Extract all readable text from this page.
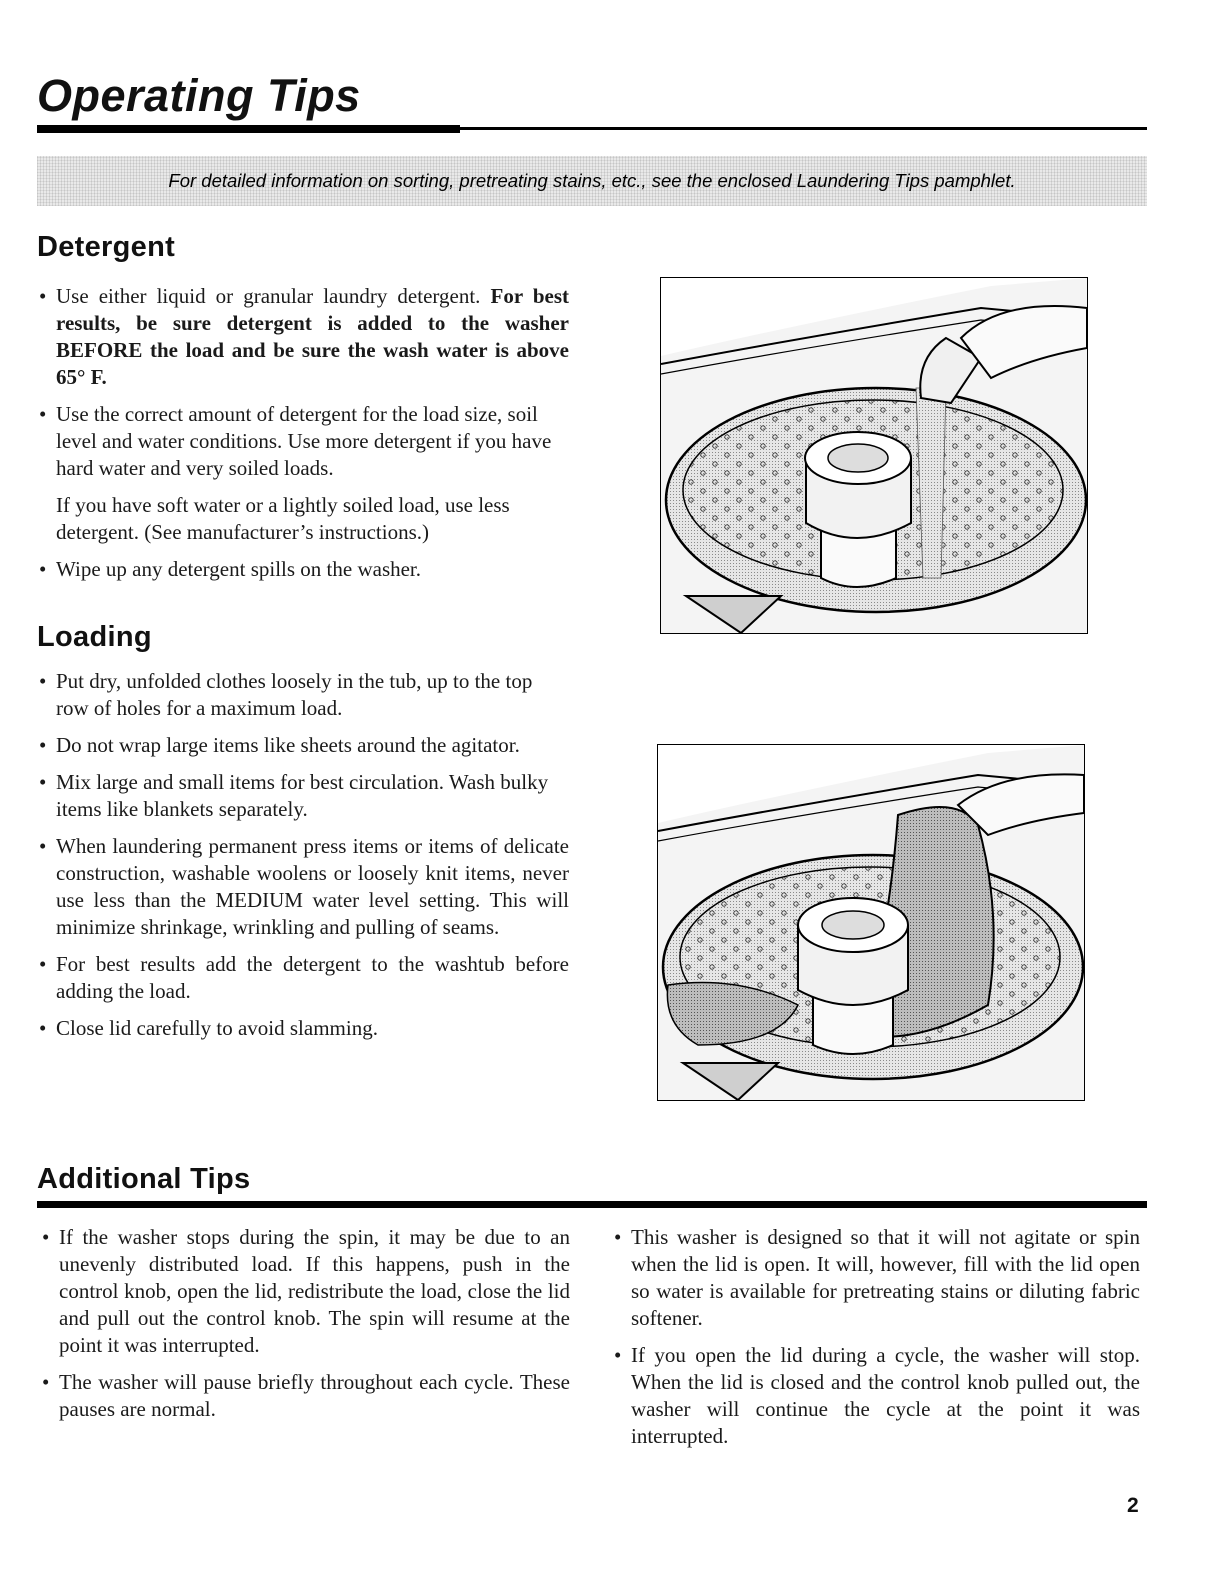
Operating Tips
For detailed information on sorting, pretreating stains, etc., see the enclosed Laundering Tips pamphlet.
Detergent
• Use either liquid or granular laundry detergent. For best results, be sure detergent is added to the washer BEFORE the load and be sure the wash water is above 65° F.
• Use the correct amount of detergent for the load size, soil level and water conditions. Use more detergent if you have hard water and very soiled loads.
If you have soft water or a lightly soiled load, use less detergent. (See manufacturer’s instructions.)
• Wipe up any detergent spills on the washer.
Loading
• Put dry, unfolded clothes loosely in the tub, up to the top row of holes for a maximum load.
• Do not wrap large items like sheets around the agitator.
• Mix large and small items for best circulation. Wash bulky items like blankets separately.
• When laundering permanent press items or items of delicate construction, washable woolens or loosely knit items, never use less than the MEDIUM water level setting. This will minimize shrinkage, wrinkling and pulling of seams.
• For best results add the detergent to the washtub before adding the load.
• Close lid carefully to avoid slamming.
Additional Tips
• If the washer stops during the spin, it may be due to an unevenly distributed load. If this happens, push in the control knob, open the lid, redistribute the load, close the lid and pull out the control knob. The spin will resume at the point it was interrupted.
• The washer will pause briefly throughout each cycle. These pauses are normal.
• This washer is designed so that it will not agitate or spin when the lid is open. It will, however, fill with the lid open so water is available for pretreating stains or diluting fabric softener.
• If you open the lid during a cycle, the washer will stop. When the lid is closed and the control knob pulled out, the washer will continue the cycle at the point it was interrupted.
2
